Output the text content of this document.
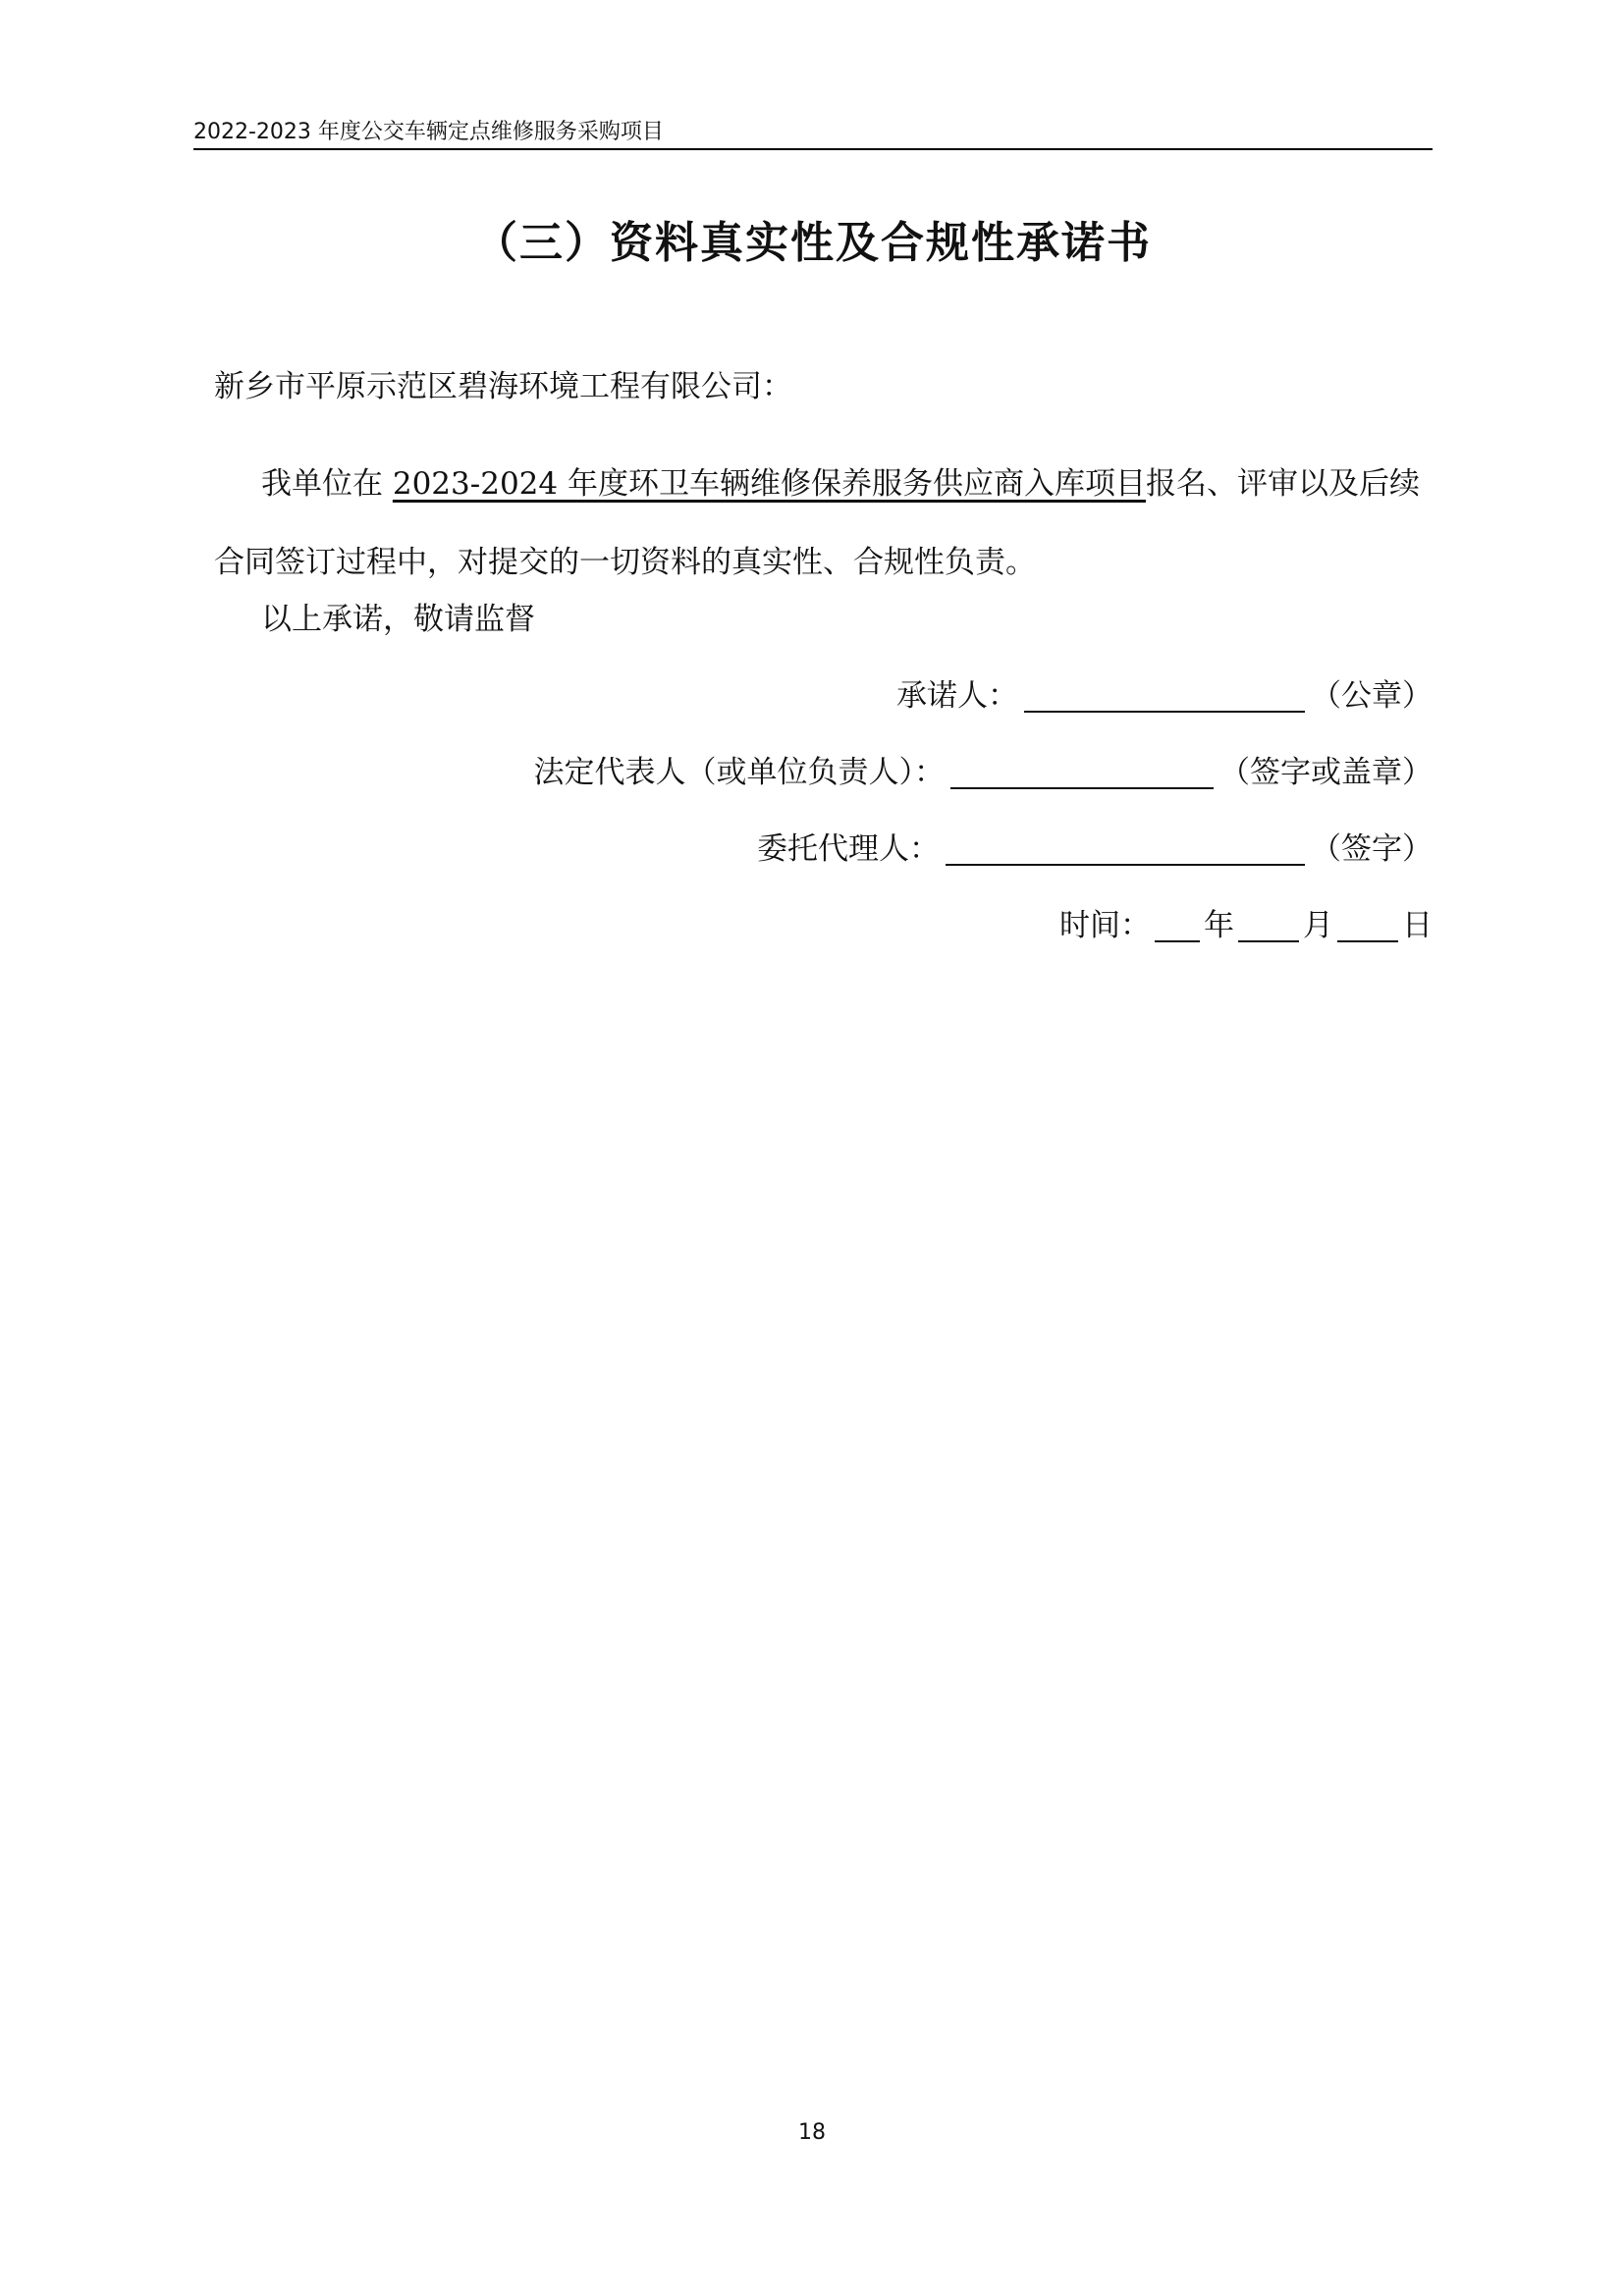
2022-2023 年度公交车辆定点维修服务采购项目
（三）资料真实性及合规性承诺书
新乡市平原示范区碧海环境工程有限公司：
我单位在 2023-2024 年度环卫车辆维修保养服务供应商入库项目报名、评审以及后续合同签订过程中，对提交的一切资料的真实性、合规性负责。
以上承诺，敬请监督
承诺人：	（公章）
法定代表人（或单位负责人）：	（签字或盖章）
委托代理人：	（签字）
时间： 年 月 日
18
